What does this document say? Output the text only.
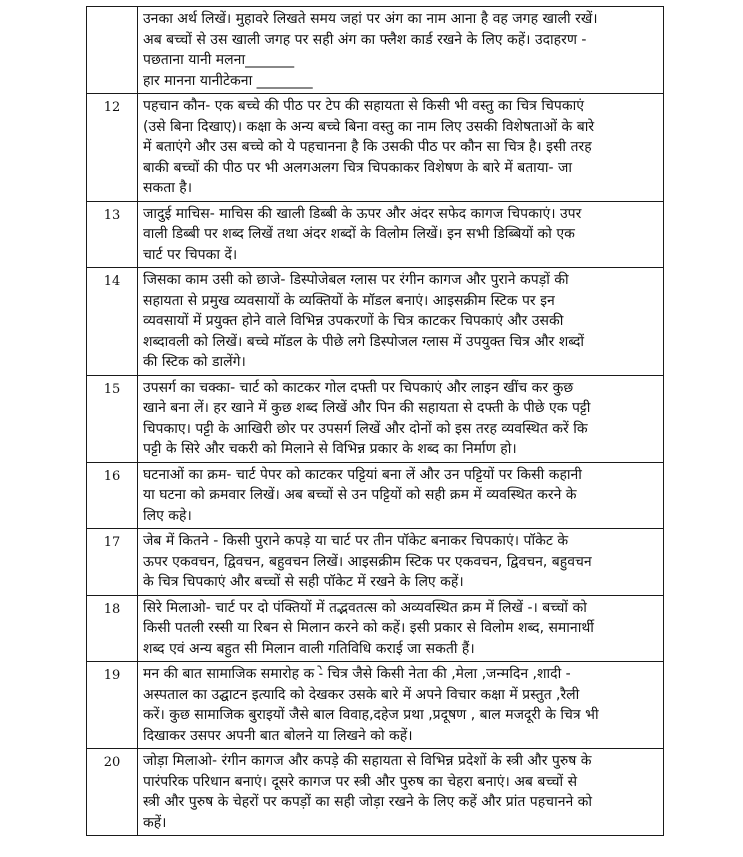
	उनका अर्थ लिखें। मुहावरे लिखते समय जहां पर अंग का नाम आना है वह जगह खाली रखें।
अब बच्चों से उस खाली जगह पर सही अंग का फ्लैश कार्ड रखने के लिए कहें। उदाहरण -
पछताना यानी मलना_______
हार मानना यानीटेकना ________

12	पहचान कौन- एक बच्चे की पीठ पर टेप की सहायता से किसी भी वस्तु का चित्र चिपकाएं
(उसे बिना दिखाए)। कक्षा के अन्य बच्चे बिना वस्तु का नाम लिए उसकी विशेषताओं के बारे
में बताएंगे और उस बच्चे को ये पहचानना है कि उसकी पीठ पर कौन सा चित्र है। इसी तरह
बाकी बच्चों की पीठ पर भी अलगअलग चित्र चिपकाकर विशेषण के बारे में बताया- जा
सकता है।

13	जादुई माचिस- माचिस की खाली डिब्बी के ऊपर और अंदर सफेद कागज चिपकाएं। उपर
वाली डिब्बी पर शब्द लिखें तथा अंदर शब्दों के विलोम लिखें। इन सभी डिब्बियों को एक
चार्ट पर चिपका दें।

14	जिसका काम उसी को छाजे- डिस्पोजेबल ग्लास पर रंगीन कागज और पुराने कपड़ों की
सहायता से प्रमुख व्यवसायों के व्यक्तियों के मॉडल बनाएं। आइसक्रीम स्टिक पर इन
व्यवसायों में प्रयुक्त होने वाले विभिन्न उपकरणों के चित्र काटकर चिपकाएं और उसकी
शब्दावली को लिखें। बच्चे मॉडल के पीछे लगे डिस्पोजल ग्लास में उपयुक्त चित्र और शब्दों
की स्टिक को डालेंगे।

15	उपसर्ग का चक्का- चार्ट को काटकर गोल दफ्ती पर चिपकाएं और लाइन खींच कर कुछ
खाने बना लें। हर खाने में कुछ शब्द लिखें और पिन की सहायता से दफ्ती के पीछे एक पट्टी
चिपकाए। पट्टी के आखिरी छोर पर उपसर्ग लिखें और दोनों को इस तरह व्यवस्थित करें कि
पट्टी के सिरे और चकरी को मिलाने से विभिन्न प्रकार के शब्द का निर्माण हो।

16	घटनाओं का क्रम- चार्ट पेपर को काटकर पट्टियां बना लें और उन पट्टियों पर किसी कहानी
या घटना को क्रमवार लिखें। अब बच्चों से उन पट्टियों को सही क्रम में व्यवस्थित करने के
लिए कहे।

17	जेब में कितने - किसी पुराने कपड़े या चार्ट पर तीन पॉकेट बनाकर चिपकाएं। पॉकेट के
ऊपर एकवचन, द्विवचन, बहुवचन लिखें। आइसक्रीम स्टिक पर एकवचन, द्विवचन, बहुवचन
के चित्र चिपकाएं और बच्चों से सही पॉकेट में रखने के लिए कहें।

18	सिरे मिलाओ- चार्ट पर दो पंक्तियों में तद्भवतत्स को अव्यवस्थित क्रम में लिखें -। बच्चों को
किसी पतली रस्सी या रिबन से मिलान करने को कहें। इसी प्रकार से विलोम शब्द, समानार्थी
शब्द एवं अन्य बहुत सी मिलान वाली गतिविधि कराई जा सकती हैं।

19	मन की बात सामाजिक समारोह क -े चित्र जैसे किसी नेता की ,मेला ,जन्मदिन ,शादी -
अस्पताल का उद्घाटन इत्यादि को देखकर उसके बारे में अपने विचार कक्षा में प्रस्तुत ,रैली
करें। कुछ सामाजिक बुराइयों जैसे बाल विवाह,दहेज प्रथा ,प्रदूषण , बाल मजदूरी के चित्र भी
दिखाकर उसपर अपनी बात बोलने या लिखने को कहें।

20	जोड़ा मिलाओ- रंगीन कागज और कपड़े की सहायता से विभिन्न प्रदेशों के स्त्री और पुरुष के
पारंपरिक परिधान बनाएं। दूसरे कागज पर स्त्री और पुरुष का चेहरा बनाएं। अब बच्चों से
स्त्री और पुरुष के चेहरों पर कपड़ों का सही जोड़ा रखने के लिए कहें और प्रांत पहचानने को
कहें।
